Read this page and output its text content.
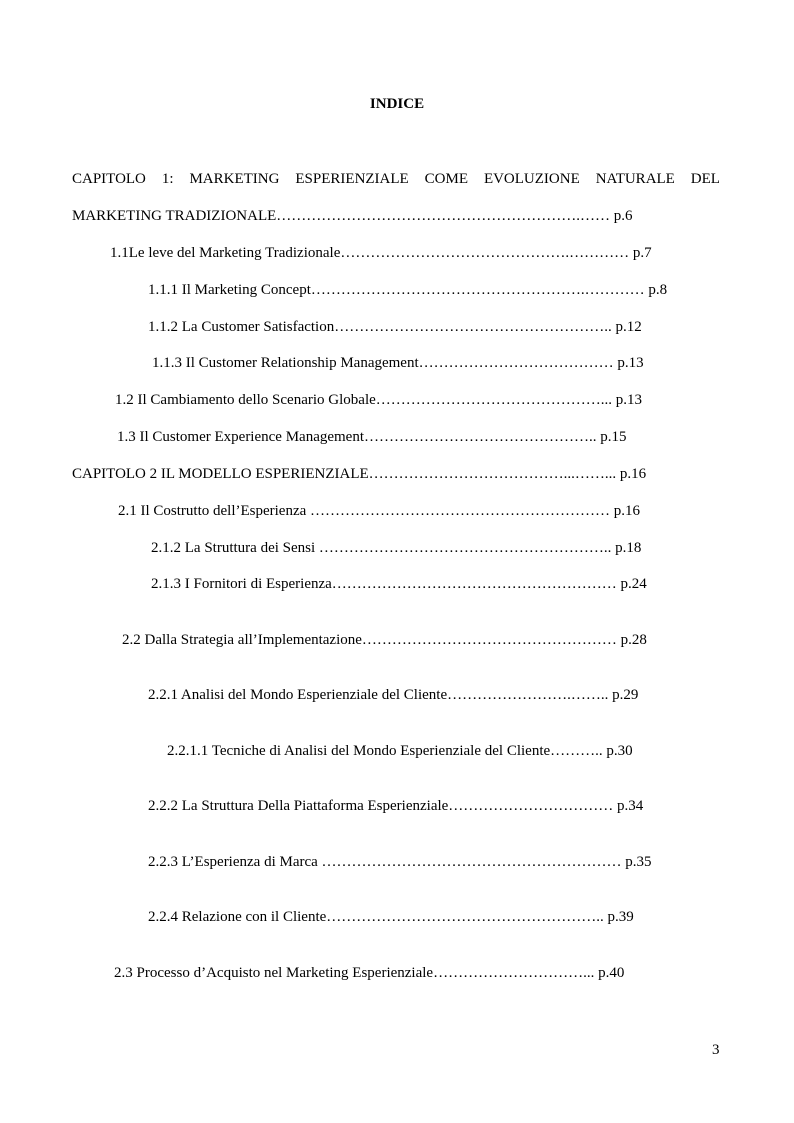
INDICE
CAPITOLO 1: MARKETING ESPERIENZIALE COME EVOLUZIONE NATURALE DEL
MARKETING TRADIZIONALE…………………………………………………….…… p.6
1.1Le leve del Marketing Tradizionale……………………………………….………… p.7
1.1.1 Il Marketing Concept……………………………………………….………… p.8
1.1.2 La Customer Satisfaction……………………………………………….. p.12
1.1.3 Il Customer Relationship Management………………………………… p.13
1.2 Il Cambiamento dello Scenario Globale………………………………………... p.13
1.3 Il Customer Experience Management……………………………………….. p.15
CAPITOLO 2 IL MODELLO ESPERIENZIALE…………………………………...……... p.16
2.1 Il Costrutto dell’Esperienza …………………………………………………… p.16
2.1.2 La Struttura dei Sensi ………………………………………………….. p.18
2.1.3 I Fornitori di Esperienza………………………………………………… p.24
2.2 Dalla Strategia all’Implementazione…………………………………………… p.28
2.2.1 Analisi del Mondo Esperienziale del Cliente…………………….…….. p.29
2.2.1.1 Tecniche di Analisi del Mondo Esperienziale del Cliente……….. p.30
2.2.2 La Struttura Della Piattaforma Esperienziale…………………………… p.34
2.2.3 L’Esperienza di Marca …………………………………………………… p.35
2.2.4 Relazione con il Cliente……………………………………………….. p.39
2.3 Processo d’Acquisto nel Marketing Esperienziale…………………………... p.40
3
